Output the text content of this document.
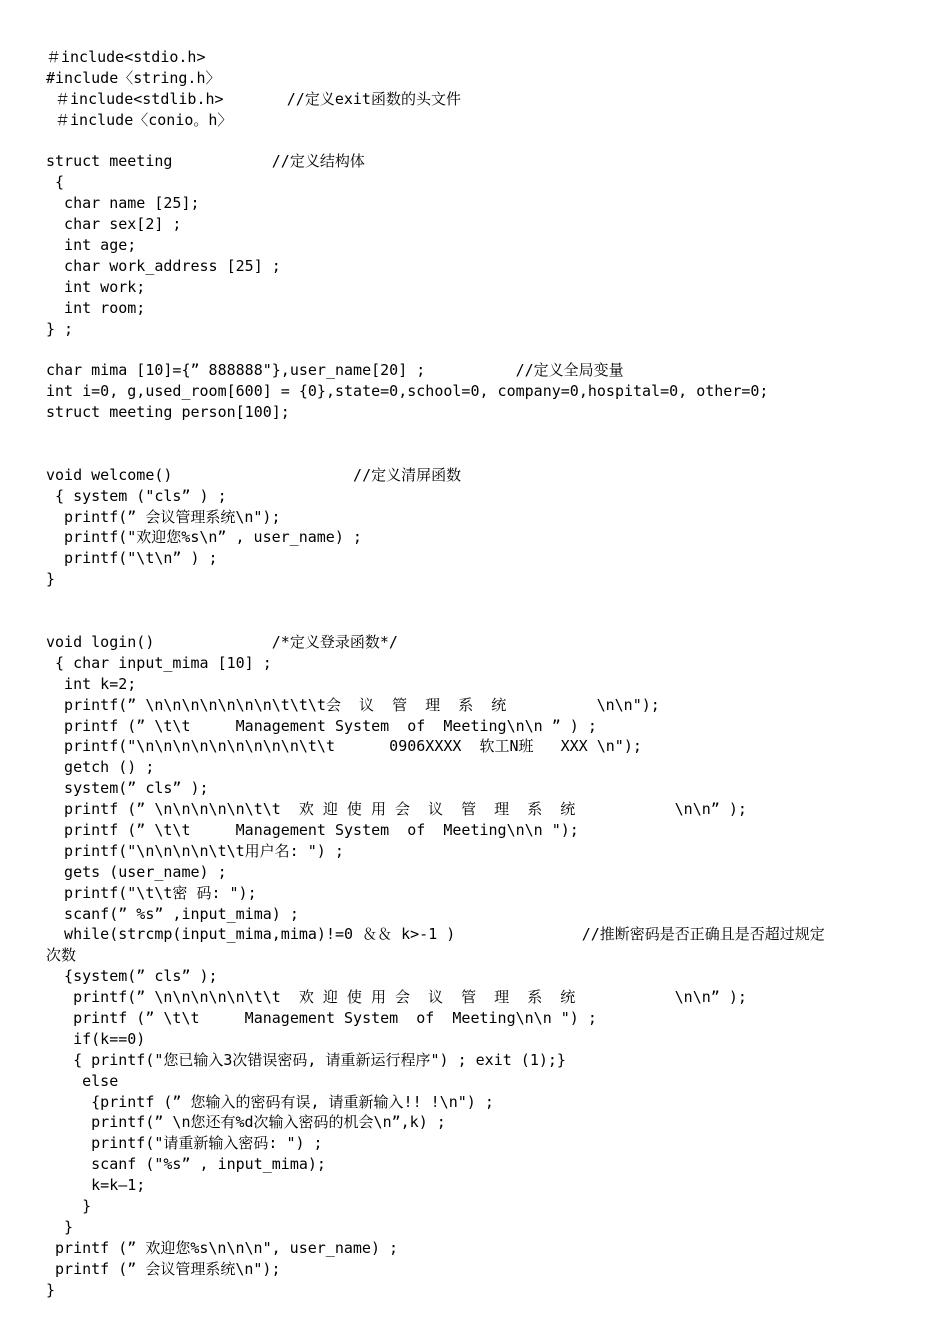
＃include<stdio.h>
#include〈string.h〉
＃include<stdlib.h>       //定义exit函数的头文件
＃include〈conio。h〉
struct meeting           //定义结构体
{
char name [25];
char sex[2] ;
int age;
char work_address [25] ;
int work;
int room;
} ;
char mima [10]={” 888888"},user_name[20] ;          //定义全局变量
int i=0, g,used_room[600] = {0},state=0,school=0, company=0,hospital=0, other=0;
struct meeting person[100];
void welcome()                    //定义清屏函数
{ system ("cls” ) ;
printf(” 会议管理系统\n");
printf("欢迎您%s\n” , user_name) ;
printf("\t\n” ) ;
}
void login()             /*定义登录函数*/
{ char input_mima [10] ;
int k=2;
printf(” \n\n\n\n\n\n\n\t\t\t会  议  管  理  系  统          \n\n");
printf (” \t\t     Management System  of  Meeting\n\n ” ) ;
printf("\n\n\n\n\n\n\n\n\n\t\t      0906XXXX  软工N班   XXX \n");
getch () ;
system(” cls” );
printf (” \n\n\n\n\n\t\t  欢 迎 使 用 会  议  管  理  系  统           \n\n” );
printf (” \t\t     Management System  of  Meeting\n\n ");
printf("\n\n\n\n\t\t用户名: ") ;
gets (user_name) ;
printf("\t\t密 码: ");
scanf(” %s” ,input_mima) ;
while(strcmp(input_mima,mima)!=0 ＆＆ k>-1 )              //推断密码是否正确且是否超过规定
次数
{system(” cls” );
printf(” \n\n\n\n\n\t\t  欢 迎 使 用 会  议  管  理  系  统           \n\n” );
printf (” \t\t     Management System  of  Meeting\n\n ") ;
if(k==0)
{ printf("您已输入3次错误密码, 请重新运行程序") ; exit (1);}
else
{printf (” 您输入的密码有误, 请重新输入!! !\n") ;
printf(” \n您还有%d次输入密码的机会\n”,k) ;
printf("请重新输入密码: ") ;
scanf ("%s” , input_mima);
k=k—1;
}
}
printf (” 欢迎您%s\n\n\n", user_name) ;
printf (” 会议管理系统\n");
}
